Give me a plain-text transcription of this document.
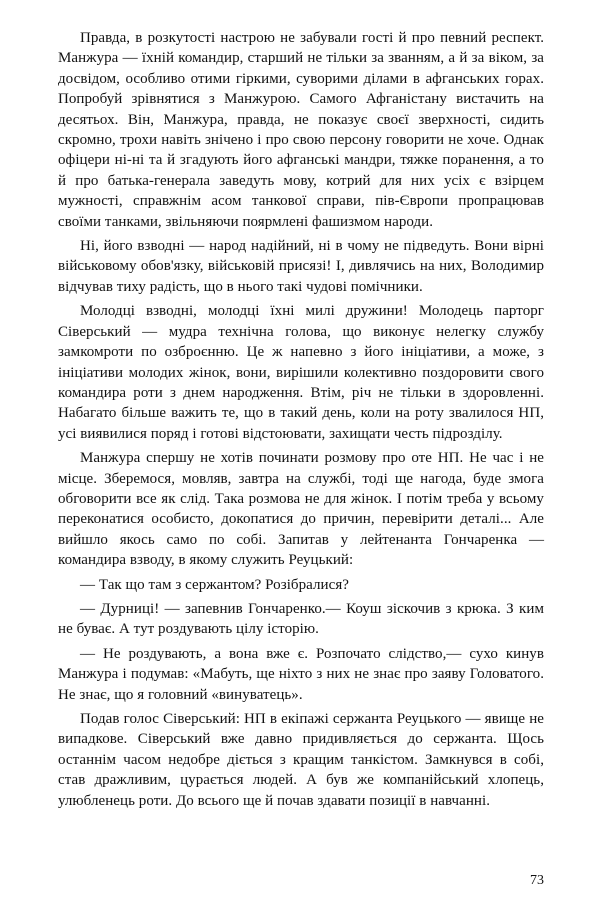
Правда, в розкутості настрою не забували гості й про певний респект. Манжура — їхній командир, старший не тільки за званням, а й за віком, за досвідом, особливо отими гіркими, суворими ділами в афганських горах. Попробуй зрівнятися з Манжурою. Самого Афганістану вистачить на десятьох. Він, Манжура, правда, не показує своєї зверхності, сидить скромно, трохи навіть знічено і про свою персону говорити не хоче. Однак офіцери ні-ні та й згадують його афганські мандри, тяжке поранення, а то й про батька-генерала заведуть мову, котрий для них усіх є взірцем мужності, справжнім асом танкової справи, пів-Європи пропрацював своїми танками, звільняючи поярмлені фашизмом народи.

Ні, його взводні — народ надійний, ні в чому не підведуть. Вони вірні військовому обов'язку, військовій присязі! І, дивлячись на них, Володимир відчував тиху радість, що в нього такі чудові помічники.

Молодці взводні, молодці їхні милі дружини! Молодець парторг Сіверський — мудра технічна голова, що виконує нелегку службу замкомроти по озброєнню. Це ж напевно з його ініціативи, а може, з ініціативи молодих жінок, вони, вирішили колективно поздоровити свого командира роти з днем народження. Втім, річ не тільки в здоровленні. Набагато більше важить те, що в такий день, коли на роту звалилося НП, усі виявилися поряд і готові відстоювати, захищати честь підрозділу.

Манжура спершу не хотів починати розмову про оте НП. Не час і не місце. Зберемося, мовляв, завтра на службі, тоді ще нагода, буде змога обговорити все як слід. Така розмова не для жінок. І потім треба у всьому переконатися особисто, докопатися до причин, перевірити деталі... Але вийшло якось само по собі. Запитав у лейтенанта Гончаренка — командира взводу, в якому служить Реуцький:

— Так що там з сержантом? Розібралися?

— Дурниці! — запевнив Гончаренко.— Коуш зіскочив з крюка. З ким не буває. А тут роздувають цілу історію.

— Не роздувають, а вона вже є. Розпочато слідство,— сухо кинув Манжура і подумав: «Мабуть, ще ніхто з них не знає про заяву Головатого. Не знає, що я головний «винуватець».

Подав голос Сіверський: НП в екіпажі сержанта Реуцького — явище не випадкове. Сіверський вже давно придивляється до сержанта. Щось останнім часом недобре діється з кращим танкістом. Замкнувся в собі, став дражливим, цурається людей. А був же компанійський хлопець, улюбленець роти. До всього ще й почав здавати позиції в навчанні.

73
